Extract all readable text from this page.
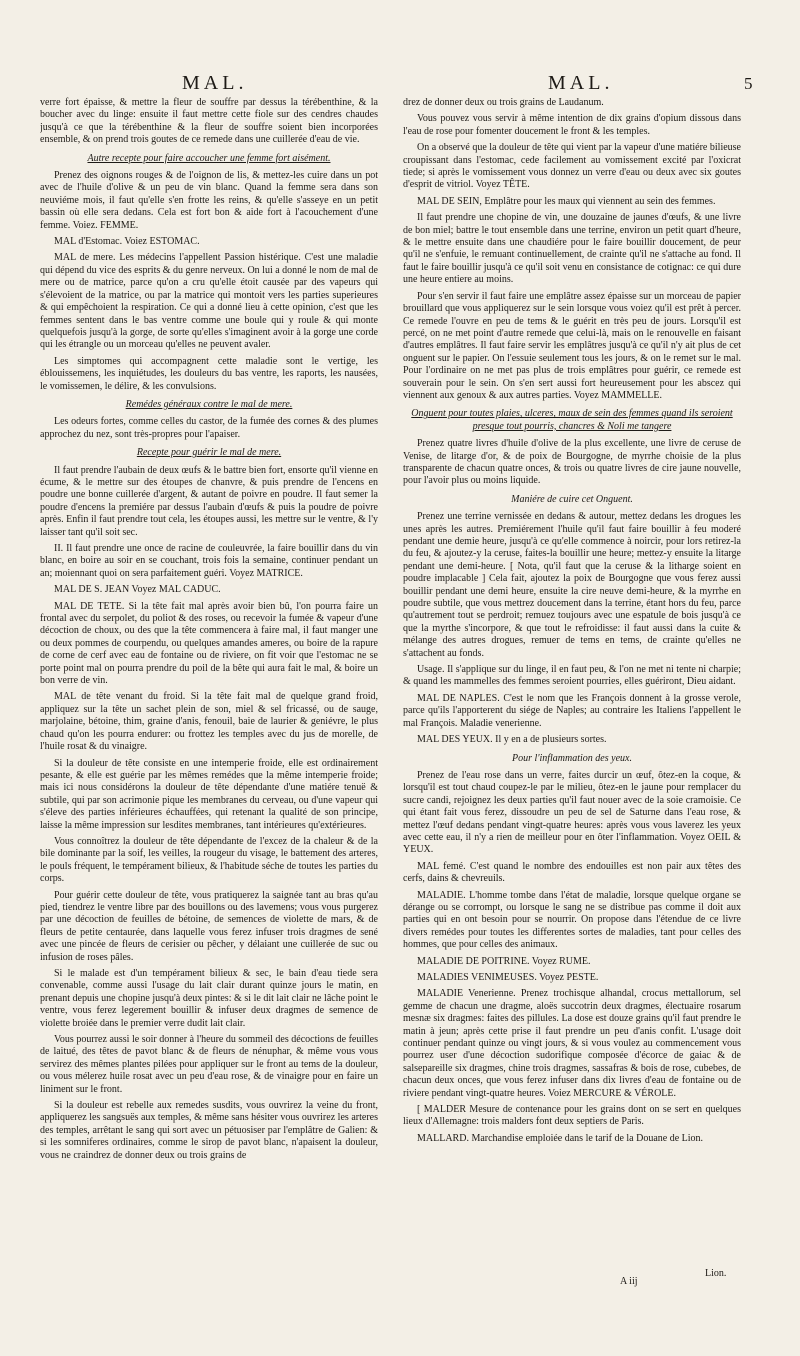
MAL.	MAL.	5

verre fort épaisse, & mettre la fleur de souffre par dessus la térébenthine, & la boucher avec du linge: ensuite il faut mettre cette fiole sur des cendres chaudes jusqu'à ce que la térébenthine & la fleur de souffre soient bien incorporées ensemble, & on prend trois goutes de ce remede dans une cuillerée d'eau de vie.

Autre recepte pour faire accoucher une femme fort aisément.

Prenez des oignons rouges & de l'oignon de lis, & mettez-les cuire dans un pot avec de l'huile d'olive & un peu de vin blanc. Quand la femme sera dans son neuviéme mois, il faut qu'elle s'en frotte les reins, & qu'elle s'asseye en un petit bassin où elle sera dedans. Cela est fort bon & aide fort à l'acouchement d'une femme. Voiez. FEMME.

MAL d'Estomac. Voiez ESTOMAC.

MAL de mere. Les médecins l'appellent Passion histérique. C'est une maladie qui dépend du vice des esprits & du genre nerveux. On lui a donné le nom de mal de mere ou de matrice, parce qu'on a cru qu'elle étoit causée par des vapeurs qui s'élevoient de la matrice, ou par la matrice qui montoit vers les parties superieures & qui empêchoient la respiration. Ce qui a donné lieu à cette opinion, c'est que les femmes sentent dans le bas ventre comme une boule qui y roule & qui monte quelquefois jusqu'à la gorge, de sorte qu'elles s'imaginent avoir à la gorge une corde qui les étrangle ou un morceau qu'elles ne peuvent avaler.

Les simptomes qui accompagnent cette maladie sont le vertige, les éblouissemens, les inquiétudes, les douleurs du bas ventre, les raports, les nausées, le vomissemen, le délire, & les convulsions.

Remédes généraux contre le mal de mere.

Les odeurs fortes, comme celles du castor, de la fumée des cornes & des plumes approchez du nez, sont très-propres pour l'apaiser.

Recepte pour guérir le mal de mere.

Il faut prendre l'aubain de deux œufs & le battre bien fort, ensorte qu'il vienne en écume, & le mettre sur des étoupes de chanvre, & puis prendre de l'encens en poudre une bonne cuillerée d'argent, & autant de poivre en poudre. Il faut semer la poudre d'encens la premiére par dessus l'aubain d'œufs & puis la poudre de poivre après. Enfin il faut prendre tout cela, les étoupes aussi, les mettre sur le ventre, & l'y laisser tant qu'il soit sec.

II. Il faut prendre une once de racine de couleuvrée, la faire bouillir dans du vin blanc, en boire au soir en se couchant, trois fois la semaine, continuer pendant un an; moiennant quoi on sera parfaitement guéri. Voyez MATRICE.

MAL DE S. JEAN Voyez MAL CADUC.

MAL DE TETE. Si la tête fait mal après avoir bien bû, l'on pourra faire un frontal avec du serpolet, du poliot & des roses, ou recevoir la fumée & vapeur d'une décoction de choux, ou des que la tête commencera à faire mal, il faut manger une ou deux pommes de courpendu, ou quelques amandes ameres, ou boire de la rapure de corne de cerf avec eau de fontaine ou de riviere, on fit voir que l'estomac ne se porte point mal on pourra prendre du poil de la bête qui aura fait le mal, & boire un bon verre de vin.

MAL de tête venant du froid. Si la tête fait mal de quelque grand froid, appliquez sur la tête un sachet plein de son, miel & sel fricassé, ou de sauge, marjolaine, bétoine, thim, graine d'anis, fenouil, baie de laurier & geniévre, le plus chaud qu'on les pourra endurer: ou frottez les temples avec du jus de morelle, de l'huile rosat & du vinaigre.

Si la douleur de tête consiste en une intemperie froide, elle est ordinairement pesante, & elle est guérie par les mêmes remédes que la même intemperie froide; mais ici nous considérons la douleur de tête dépendante d'une matiére tenuë & subtile, qui par son acrimonie pique les membranes du cerveau, ou d'une vapeur qui s'éleve des parties inférieures échauffées, qui retenant la qualité de son principe, laisse la même impression sur lesdites membranes, tant intérieures qu'extérieures.

Vous connoîtrez la douleur de tête dépendante de l'excez de la chaleur & de la bile dominante par la soif, les veilles, la rougeur du visage, le battement des arteres, le pouls fréquent, le tempérament bilieux, & l'habitude séche de toutes les parties du corps.

Pour guérir cette douleur de tête, vous pratiquerez la saignée tant au bras qu'au pied, tiendrez le ventre libre par des bouillons ou des lavemens; vous vous purgerez par une décoction de feuilles de bétoine, de semences de violette de mars, & de fleurs de petite centaurée, dans laquelle vous ferez infuser trois dragmes de sené avec une pincée de fleurs de cerisier ou pêcher, y délaiant une cuillerée de suc ou infusion de roses pâles.

Si le malade est d'un tempérament bilieux & sec, le bain d'eau tiede sera convenable, comme aussi l'usage du lait clair durant quinze jours le matin, en prenant depuis une chopine jusqu'à deux pintes: & si le dit lait clair ne lâche point le ventre, vous ferez legerement bouillir & infuser deux dragmes de semence de violette broiée dans le premier verre dudit lait clair.

Vous pourrez aussi le soir donner à l'heure du sommeil des décoctions de feuilles de laitué, des têtes de pavot blanc & de fleurs de nénuphar, & même vous vous servirez des mêmes plantes pilées pour appliquer sur le front au tems de la douleur, ou vous mélerez huile rosat avec un peu d'eau rose, & de vinaigre pour en faire un liniment sur le front.

Si la douleur est rebelle aux remedes susdits, vous ouvrirez la veine du front, appliquerez les sangsuës aux temples, & même sans hésiter vous ouvrirez les arteres des temples, arrêtant le sang qui sort avec un pétuosiser par l'emplâtre de Galien: & si les somniferes ordinaires, comme le sirop de pavot blanc, n'apaisent la douleur, vous ne craindrez de donner deux ou trois grains de

drez de donner deux ou trois grains de Laudanum.

Vous pouvez vous servir à même intention de dix grains d'opium dissous dans l'eau de rose pour fomenter doucement le front & les temples.

On a observé que la douleur de tête qui vient par la vapeur d'une matiére bilieuse croupissant dans l'estomac, cede facilement au vomissement excité par l'oxicrat tiede; si après le vomissement vous donnez un verre d'eau ou deux avec six goutes d'esprit de vitriol. Voyez TÊTE.

MAL DE SEIN, Emplâtre pour les maux qui viennent au sein des femmes.

Il faut prendre une chopine de vin, une douzaine de jaunes d'œufs, & une livre de bon miel; battre le tout ensemble dans une terrine, environ un petit quart d'heure, & le mettre ensuite dans une chaudiére pour le faire bouillir doucement, de peur qu'il ne s'enfuie, le remuant continuellement, de crainte qu'il ne s'attache au fond. Il faut le faire bouillir jusqu'à ce qu'il soit venu en consistance de cotignac: ce qui dure une heure entiere au moins.

Pour s'en servir il faut faire une emplâtre assez épaisse sur un morceau de papier brouillard que vous appliquerez sur le sein lorsque vous voiez qu'il est prêt à percer. Ce remede l'ouvre en peu de tems & le guérit en très peu de jours. Lorsqu'il est percé, on ne met point d'autre remede que celui-là, mais on le renouvelle en faisant d'autres emplâtres. Il faut faire servir les emplâtres jusqu'à ce qu'il n'y ait plus de cet onguent sur le papier. On l'essuie seulement tous les jours, & on le remet sur le mal. Pour l'ordinaire on ne met pas plus de trois emplâtres pour guérir, ce remede est souverain pour le sein. On s'en sert aussi fort heureusement pour les abscez qui viennent aux genoux & aux autres parties. Voyez MAMMELLE.

Onguent pour toutes plaies, ulceres, maux de sein des femmes quand ils seroient presque tout pourris, chancres & Noli me tangere

Prenez quatre livres d'huile d'olive de la plus excellente, une livre de ceruse de Venise, de litarge d'or, & de poix de Bourgogne, de myrrhe choisie de la plus transparente de chacun quatre onces, & trois ou quatre livres de cire jaune nouvelle, pour l'avoir plus ou moins liquide.

Maniére de cuire cet Onguent.

Prenez une terrine vernissée en dedans & autour, mettez dedans les drogues les unes après les autres. Premiérement l'huile qu'il faut faire bouillir à feu moderé pendant une demie heure, jusqu'à ce qu'elle commence à noircir, pour lors retirez-la du feu, & ajoutez-y la ceruse, faites-la bouillir une heure; mettez-y ensuite la litarge pendant une demi-heure. [ Nota, qu'il faut que la ceruse & la litharge soient en poudre implacable ] Cela fait, ajoutez la poix de Bourgogne que vous ferez aussi bouillir pendant une demi heure, ensuite la cire neuve demi-heure, & la myrrhe en poudre subtile, que vous mettrez doucement dans la terrine, étant hors du feu, parce qu'autrement tout se perdroit; remuez toujours avec une espatule de bois jusqu'à ce que la myrthe s'incorpore, & que tout le refroidisse: il faut aussi dans la cuite & mélange des autres drogues, remuer de tems en tems, de crainte qu'elles ne s'attachent au fonds.

Usage. Il s'applique sur du linge, il en faut peu, & l'on ne met ni tente ni charpie; & quand les mammelles des femmes seroient pourries, elles guériront, Dieu aidant.

MAL DE NAPLES. C'est le nom que les François donnent à la grosse verole, parce qu'ils l'apporterent du siége de Naples; au contraire les Italiens l'appellent le mal François. Maladie venerienne.

MAL DES YEUX. Il y en a de plusieurs sortes.

Pour l'inflammation des yeux.

Prenez de l'eau rose dans un verre, faites durcir un œuf, ôtez-en la coque, & lorsqu'il est tout chaud coupez-le par le milieu, ôtez-en le jaune pour remplacer du sucre candi, rejoignez les deux parties qu'il faut nouer avec de la soie cramoisie. Ce qui étant fait vous ferez, dissoudre un peu de sel de Saturne dans l'eau rose, & mettez l'œuf dedans pendant vingt-quatre heures: après vous vous laverez les yeux avec cette eau, il n'y a rien de meilleur pour en ôter l'inflammation. Voyez OEIL & YEUX.

MAL femé. C'est quand le nombre des endouilles est non pair aux têtes des cerfs, dains & chevreuils.

MALADIE. L'homme tombe dans l'état de maladie, lorsque quelque organe se dérange ou se corrompt, ou lorsque le sang ne se distribue pas comme il doit aux parties qui en ont besoin pour se nourrir. On propose dans l'étendue de ce livre divers remédes pour toutes les differentes sortes de maladies, tant pour celles des hommes, que pour celles des animaux.

MALADIE DE POITRINE. Voyez RUME.

MALADIES VENIMEUSES. Voyez PESTE.

MALADIE Venerienne. Prenez trochisque alhandal, crocus mettallorum, sel gemme de chacun une dragme, aloës succotrin deux dragmes, électuaire rosarum mesnæ six dragmes: faites des pillules. La dose est douze grains qu'il faut prendre le matin à jeun; après cette prise il faut prendre un peu d'anis confit. L'usage doit continuer pendant quinze ou vingt jours, & si vous voulez au commencement vous pourrez user d'une décoction sudorifique composée d'écorce de gaiac & de salsepareille six dragmes, chine trois dragmes, sassafras & bois de rose, cubebes, de chacun deux onces, que vous ferez infuser dans dix livres d'eau de fontaine ou de riviere pendant vingt-quatre heures. Voiez MERCURE & VÉROLE.

[ MALDER Mesure de contenance pour les grains dont on se sert en quelques lieux d'Allemagne: trois malders font deux septiers de Paris.

MALLARD. Marchandise emploiée dans le tarif de la Douane de Lion.

A iij
Lion.
